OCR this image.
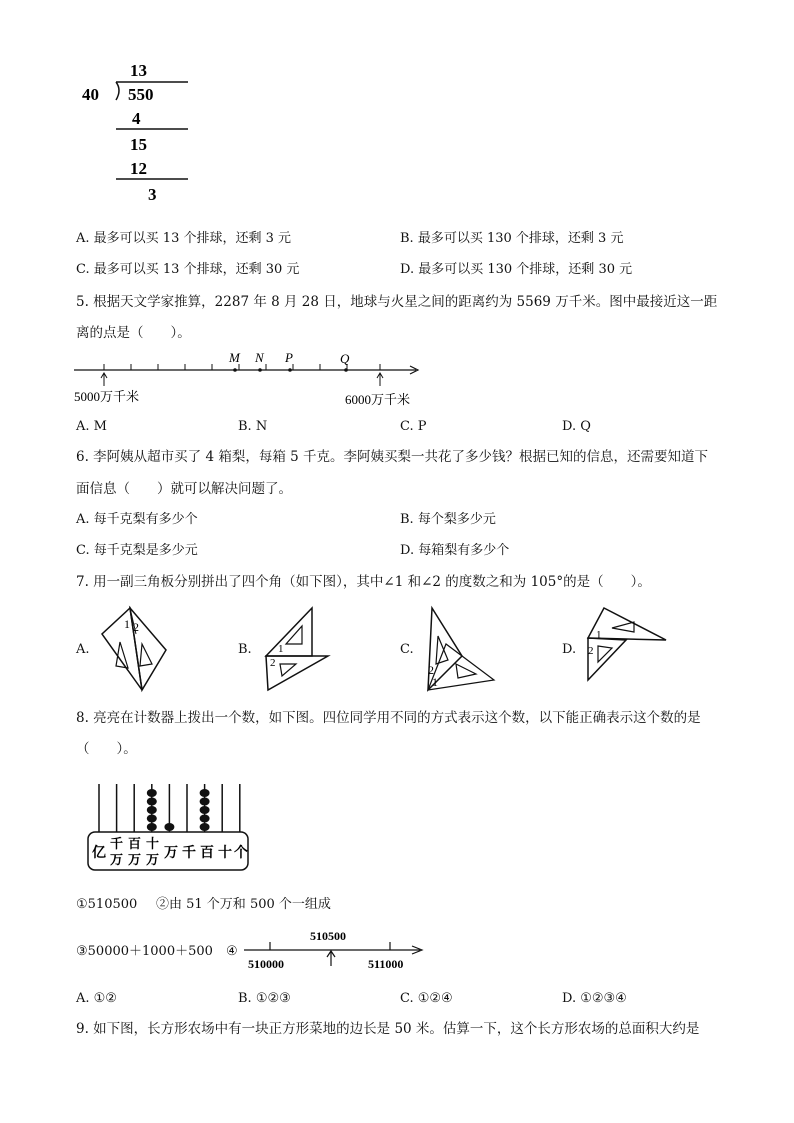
13
40 550
4
15
12
3
A. 最多可以买 13 个排球，还剩 3 元	B. 最多可以买 130 个排球，还剩 3 元
C. 最多可以买 13 个排球，还剩 30 元	D. 最多可以买 130 个排球，还剩 30 元
5. 根据天文学家推算，2287 年 8 月 28 日，地球与火星之间的距离约为 5569 万千米。图中最接近这一距
离的点是（　　）。
M N P	Q
5000万千米	6000万千米
A. M	B. N	C. P	D. Q
6. 李阿姨从超市买了 4 箱梨，每箱 5 千克。李阿姨买梨一共花了多少钱？根据已知的信息，还需要知道下
面信息（　　）就可以解决问题了。
A. 每千克梨有多少个	B. 每个梨多少元
C. 每千克梨是多少元	D. 每箱梨有多少个
7. 用一副三角板分别拼出了四个角（如下图），其中∠1 和∠2 的度数之和为 105°的是（　　）。
A.
1 2
B. 1
2
C.
2
1
D.
1
2
8. 亮亮在计数器上拨出一个数，如下图。四位同学用不同的方式表示这个数，以下能正确表示这个数的是
（　　）。
亿
千
万
百
万
十
万 万 千 百 十 个
①510500 ②由 51 个万和 500 个一组成
③50000＋1000＋500 ④
510500
510000	511000
A. ①②	B. ①②③	C. ①②④	D. ①②③④
9. 如下图，长方形农场中有一块正方形菜地的边长是 50 米。估算一下，这个长方形农场的总面积大约是
